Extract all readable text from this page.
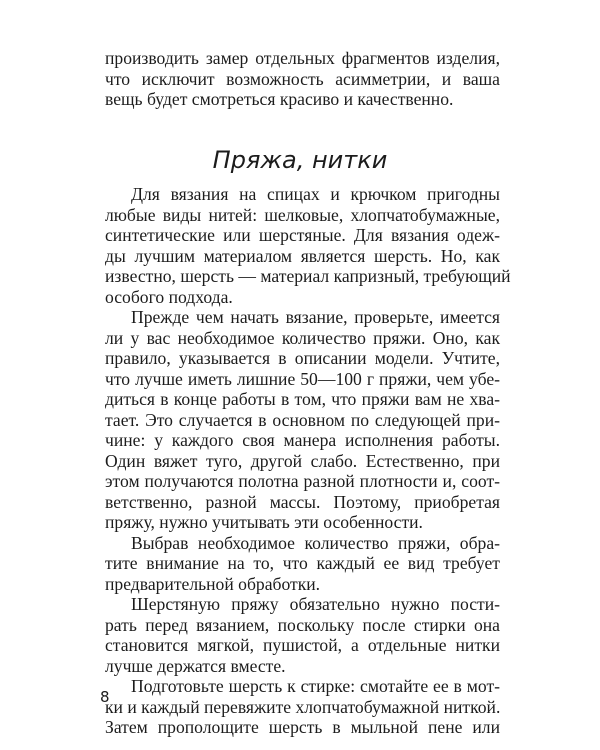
производить замер отдельных фрагментов изделия,
что исключит возможность асимметрии, и ваша
вещь будет смотреться красиво и качественно.
Пряжа, нитки
Для вязания на спицах и крючком пригодны
любые виды нитей: шелковые, хлопчатобумажные,
синтетические или шерстяные. Для вязания одеж-
ды лучшим материалом является шерсть. Но, как
известно, шерсть — материал капризный, требующий
особого подхода.
Прежде чем начать вязание, проверьте, имеется
ли у вас необходимое количество пряжи. Оно, как
правило, указывается в описании модели. Учтите,
что лучше иметь лишние 50—100 г пряжи, чем убе-
диться в конце работы в том, что пряжи вам не хва-
тает. Это случается в основном по следующей при-
чине: у каждого своя манера исполнения работы.
Один вяжет туго, другой слабо. Естественно, при
этом получаются полотна разной плотности и, соот-
ветственно, разной массы. Поэтому, приобретая
пряжу, нужно учитывать эти особенности.
Выбрав необходимое количество пряжи, обра-
тите внимание на то, что каждый ее вид требует
предварительной обработки.
Шерстяную пряжу обязательно нужно пости-
рать перед вязанием, поскольку после стирки она
становится мягкой, пушистой, а отдельные нитки
лучше держатся вместе.
Подготовьте шерсть к стирке: смотайте ее в мот-
ки и каждый перевяжите хлопчатобумажной ниткой.
Затем прополощите шерсть в мыльной пене или
8
